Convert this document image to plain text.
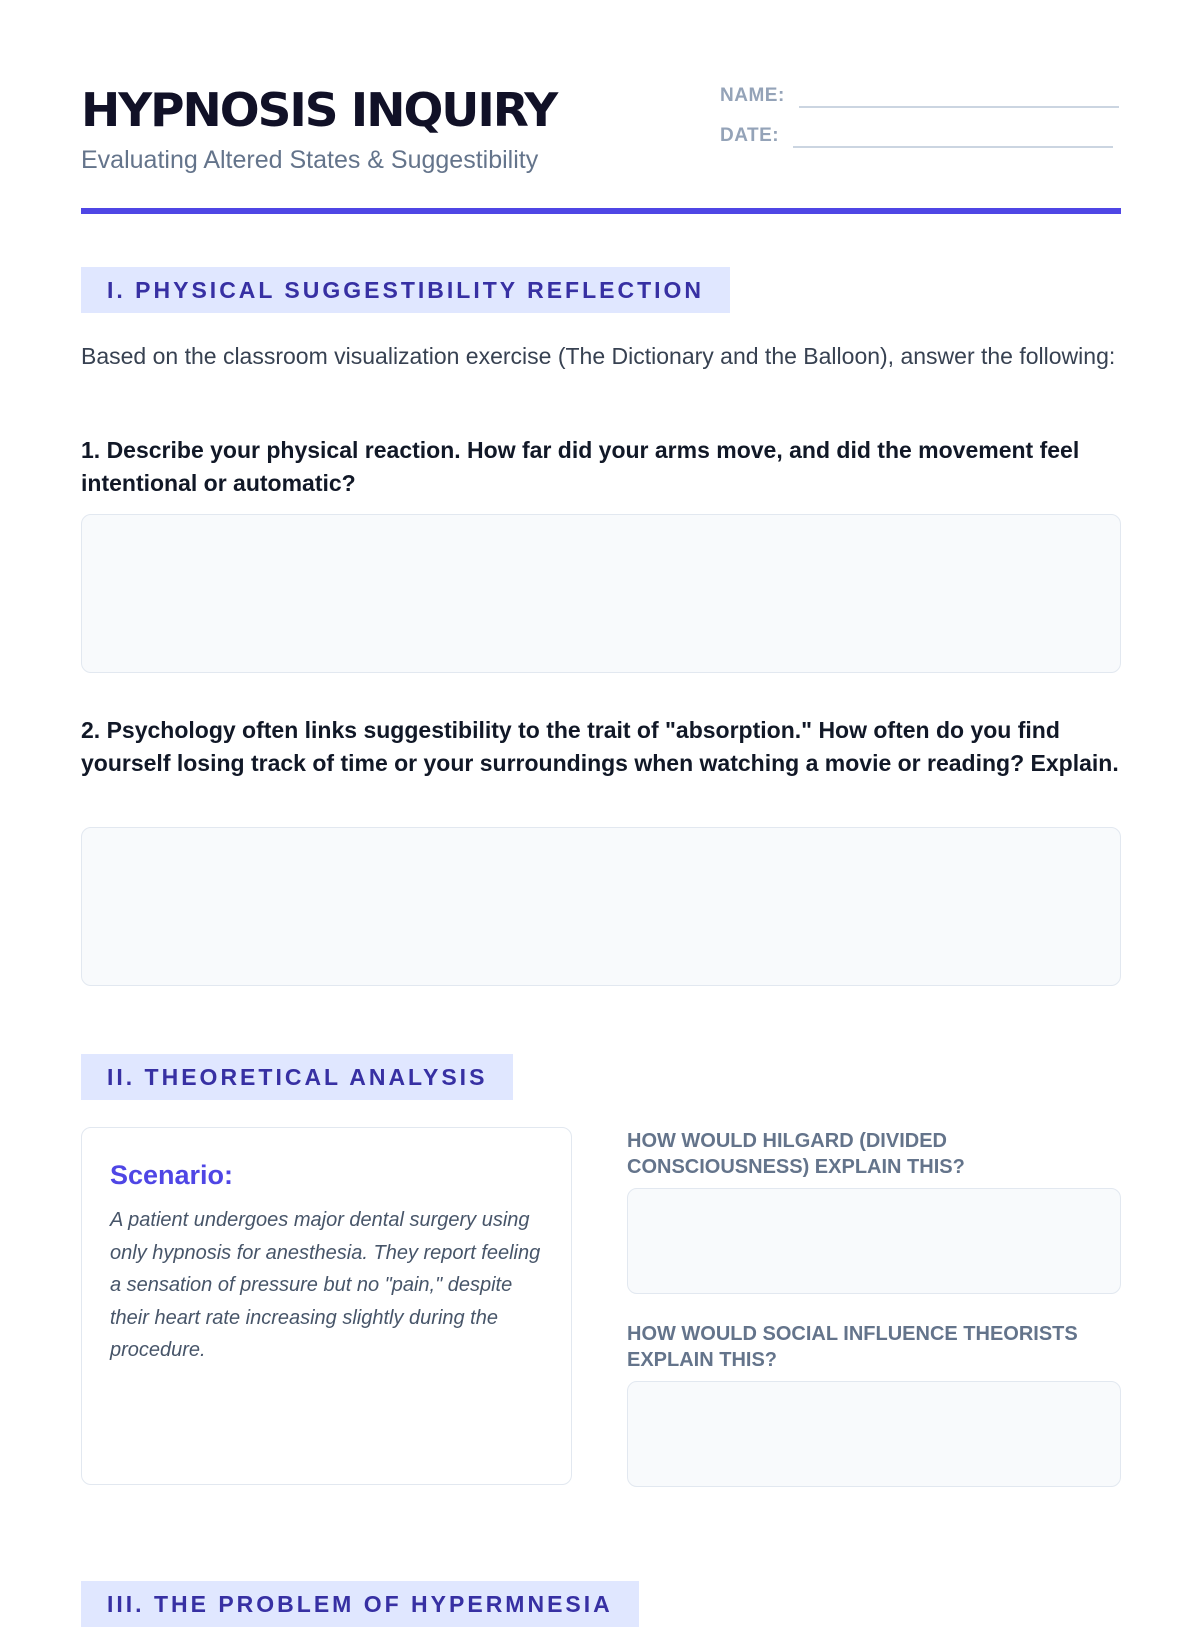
HYPNOSIS INQUIRY
Evaluating Altered States & Suggestibility
NAME:
DATE:
I. PHYSICAL SUGGESTIBILITY REFLECTION
Based on the classroom visualization exercise (The Dictionary and the Balloon), answer the following:
1. Describe your physical reaction. How far did your arms move, and did the movement feel intentional or automatic?
2. Psychology often links suggestibility to the trait of "absorption." How often do you find yourself losing track of time or your surroundings when watching a movie or reading? Explain.
II. THEORETICAL ANALYSIS
Scenario:
A patient undergoes major dental surgery using only hypnosis for anesthesia. They report feeling a sensation of pressure but no "pain," despite their heart rate increasing slightly during the procedure.
HOW WOULD HILGARD (DIVIDED CONSCIOUSNESS) EXPLAIN THIS?
HOW WOULD SOCIAL INFLUENCE THEORISTS EXPLAIN THIS?
III. THE PROBLEM OF HYPERMNESIA
